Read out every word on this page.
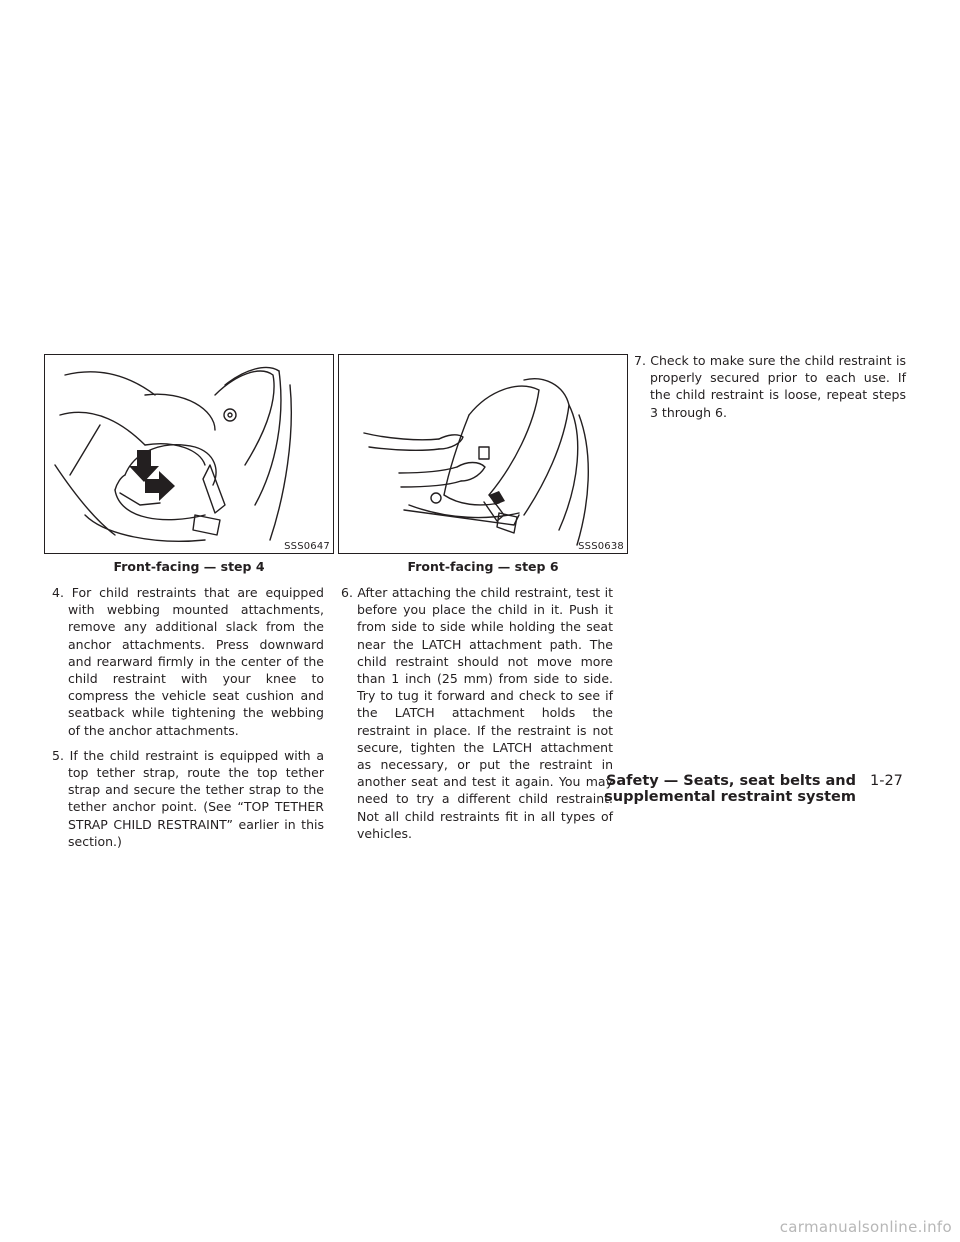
SSS0647
Front-facing — step 4
SSS0638
Front-facing — step 6

4. For child restraints that are equipped with webbing mounted attachments, remove any additional slack from the anchor attachments. Press downward and rearward firmly in the center of the child restraint with your knee to compress the vehicle seat cushion and seatback while tightening the webbing of the anchor attachments.

5. If the child restraint is equipped with a top tether strap, route the top tether strap and secure the tether strap to the tether anchor point. (See “TOP TETHER STRAP CHILD RESTRAINT” earlier in this section.)

6. After attaching the child restraint, test it before you place the child in it. Push it from side to side while holding the seat near the LATCH attachment path. The child restraint should not move more than 1 inch (25 mm) from side to side. Try to tug it forward and check to see if the LATCH attachment holds the restraint in place. If the restraint is not secure, tighten the LATCH attachment as necessary, or put the restraint in another seat and test it again. You may need to try a different child restraint. Not all child restraints fit in all types of vehicles.

7. Check to make sure the child restraint is properly secured prior to each use. If the child restraint is loose, repeat steps 3 through 6.

Safety — Seats, seat belts and supplemental restraint system
1-27
carmanualsonline.info
